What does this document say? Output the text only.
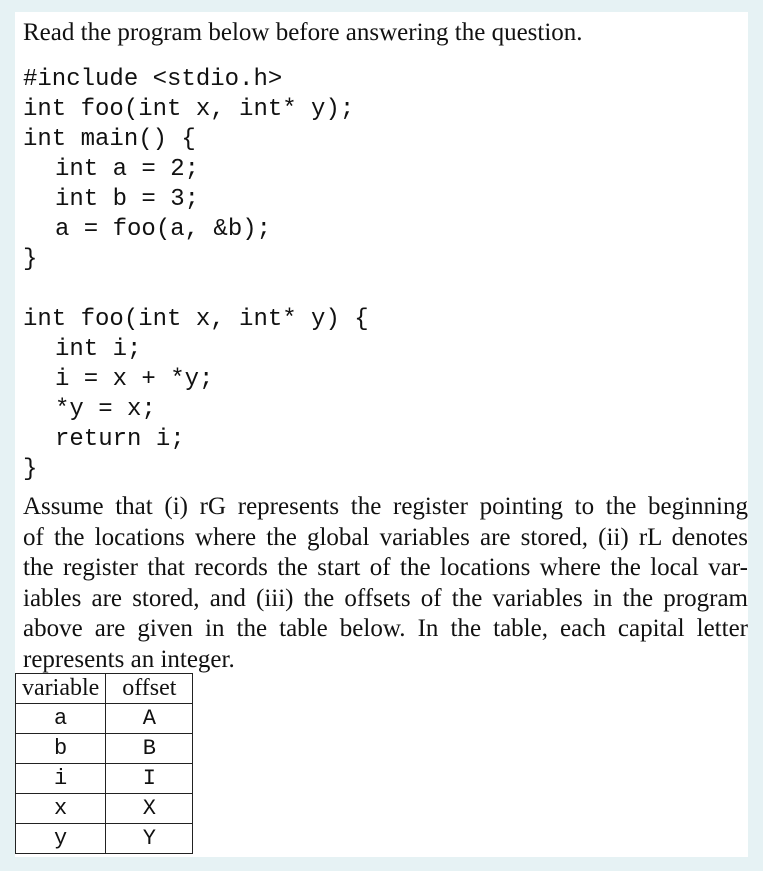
Read the program below before answering the question.
#include <stdio.h>
int foo(int x, int* y);
int main() {
int a = 2;
int b = 3;
a = foo(a, &b);
}
int foo(int x, int* y) {
int i;
i = x + *y;
*y = x;
return i;
}
Assume that (i) rG represents the register pointing to the beginning
of the locations where the global variables are stored, (ii) rL denotes
the register that records the start of the locations where the local var-
iables are stored, and (iii) the offsets of the variables in the program
above are given in the table below. In the table, each capital letter
represents an integer.
variable	offset
a	A
b	B
i	I
x	X
y	Y
